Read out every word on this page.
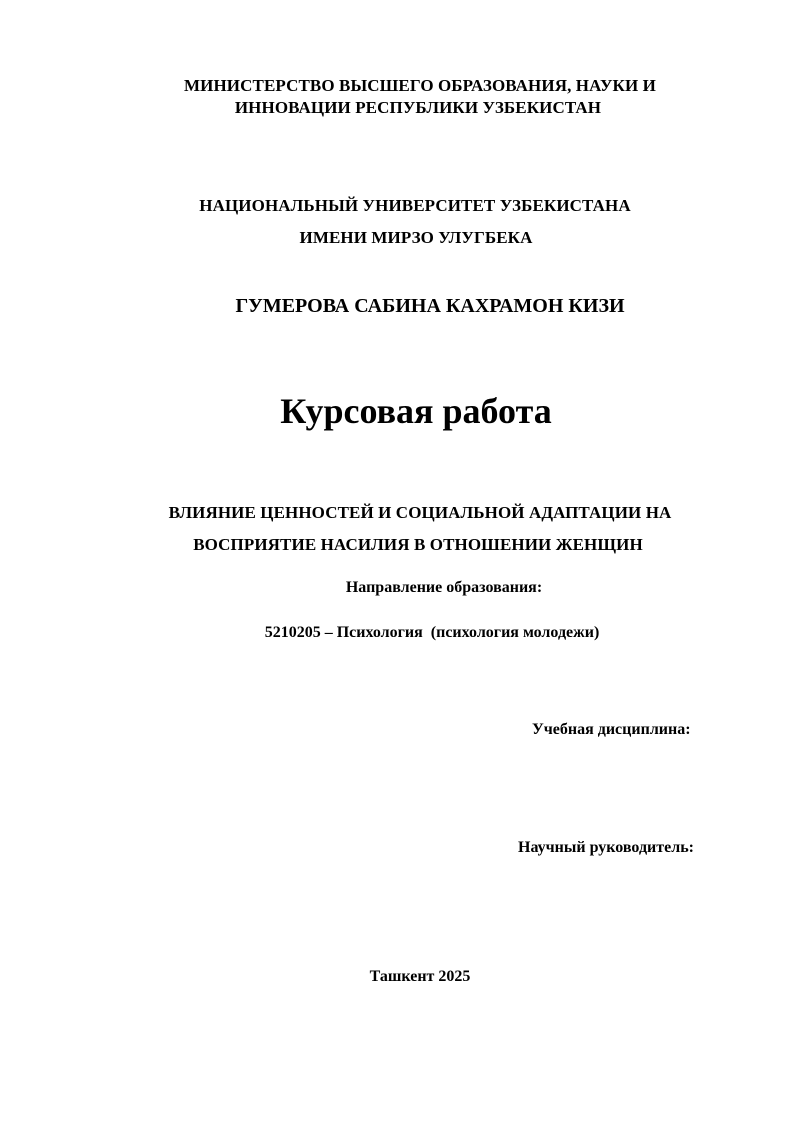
МИНИСТЕРСТВО ВЫСШЕГО ОБРАЗОВАНИЯ, НАУКИ И
ИННОВАЦИИ РЕСПУБЛИКИ УЗБЕКИСТАН
НАЦИОНАЛЬНЫЙ УНИВЕРСИТЕТ УЗБЕКИСТАНА
ИМЕНИ МИРЗО УЛУГБЕКА
ГУМЕРОВА САБИНА КАХРАМОН КИЗИ
Курсовая работа
ВЛИЯНИЕ ЦЕННОСТЕЙ И СОЦИАЛЬНОЙ АДАПТАЦИИ НА
ВОСПРИЯТИЕ НАСИЛИЯ В ОТНОШЕНИИ ЖЕНЩИН
Направление образования:
5210205 – Психология  (психология молодежи)
Учебная дисциплина:
Научный руководитель:
Ташкент 2025
